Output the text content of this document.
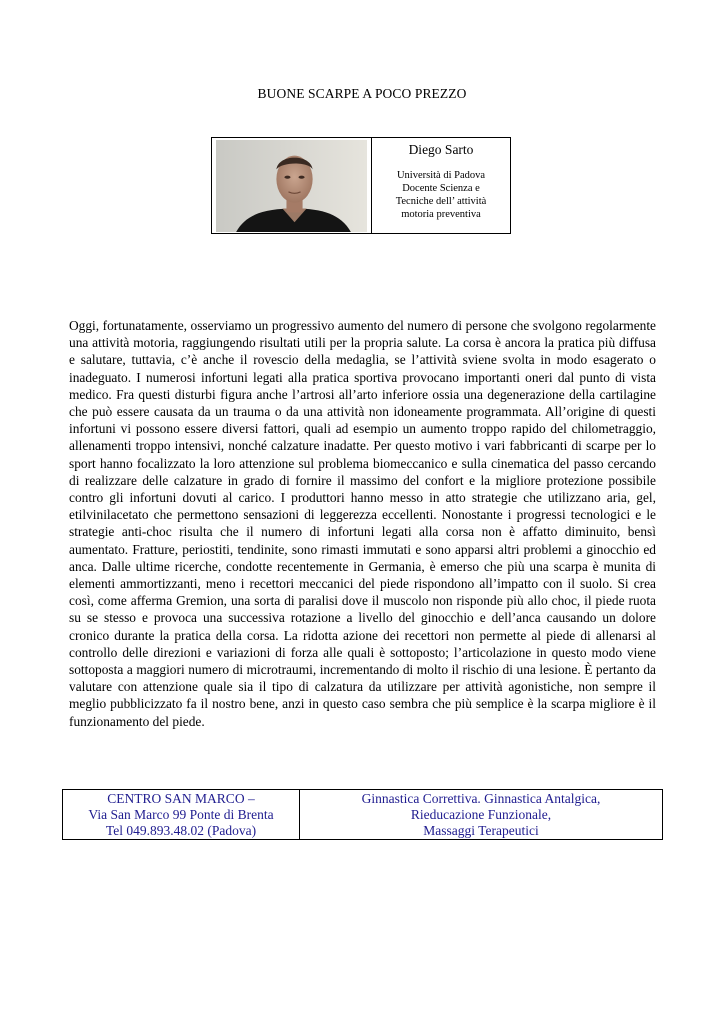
BUONE SCARPE A POCO PREZZO
Diego Sarto
Università di Padova
Docente Scienza e
Tecniche dell’ attività
motoria preventiva

Oggi, fortunatamente, osserviamo un progressivo aumento del numero di persone che svolgono regolarmente una attività motoria, raggiungendo risultati utili per la propria salute. La corsa è ancora la pratica più diffusa e salutare, tuttavia, c’è anche il rovescio della medaglia, se l’attività sviene svolta in modo esagerato o inadeguato. I numerosi infortuni legati alla pratica sportiva provocano importanti oneri dal punto di vista medico. Fra questi disturbi figura anche l’artrosi all’arto inferiore ossia una degenerazione della cartilagine che può essere causata da un trauma o da una attività non idoneamente programmata. All’origine di questi infortuni vi possono essere diversi fattori, quali ad esempio un aumento troppo rapido del chilometraggio, allenamenti troppo intensivi, nonché calzature inadatte. Per questo motivo i vari fabbricanti di scarpe per lo sport hanno focalizzato la loro attenzione sul problema biomeccanico e sulla cinematica del passo cercando di realizzare delle calzature in grado di fornire il massimo del confort e la migliore protezione possibile contro gli infortuni dovuti al carico. I produttori hanno messo in atto strategie che utilizzano aria, gel, etilvinilacetato che permettono sensazioni di leggerezza eccellenti. Nonostante i progressi tecnologici e le strategie anti-choc risulta che il numero di infortuni legati alla corsa non è affatto diminuito, bensì aumentato. Fratture, periostiti, tendinite, sono rimasti immutati e sono apparsi altri problemi a ginocchio ed anca. Dalle ultime ricerche, condotte recentemente in Germania, è emerso che più una scarpa è munita di elementi ammortizzanti, meno i recettori meccanici del piede rispondono all’impatto con il suolo. Si crea così, come afferma Gremion, una sorta di paralisi dove il muscolo non risponde più allo choc, il piede ruota su se stesso e provoca una successiva rotazione a livello del ginocchio e dell’anca causando un dolore cronico durante la pratica della corsa. La ridotta azione dei recettori non permette al piede di allenarsi al controllo delle direzioni e variazioni di forza alle quali è sottoposto; l’articolazione in questo modo viene sottoposta a maggiori numero di microtraumi, incrementando di molto il rischio di una lesione. È pertanto da valutare con attenzione quale sia il tipo di calzatura da utilizzare per attività agonistiche, non sempre il meglio pubblicizzato fa il nostro bene, anzi in questo caso sembra che più semplice è la scarpa migliore è il funzionamento del piede.

CENTRO SAN MARCO –
Via San Marco 99 Ponte di Brenta
Tel 049.893.48.02 (Padova)
Ginnastica Correttiva. Ginnastica Antalgica,
Rieducazione Funzionale,
Massaggi Terapeutici
